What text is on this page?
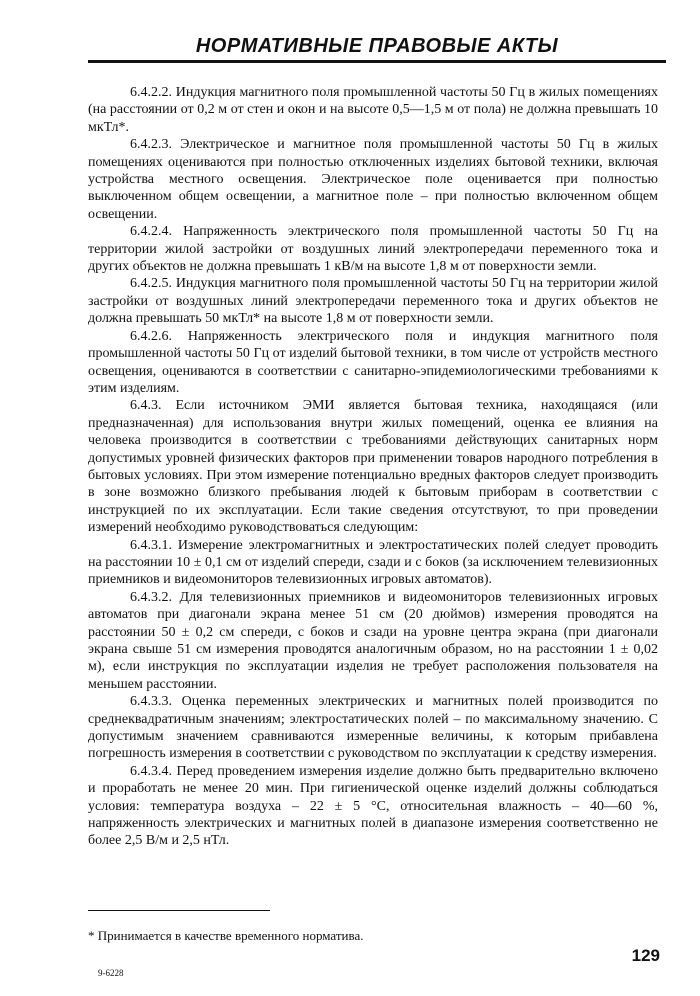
НОРМАТИВНЫЕ ПРАВОВЫЕ АКТЫ

6.4.2.2. Индукция магнитного поля промышленной частоты 50 Гц в жилых помещениях (на расстоянии от 0,2 м от стен и окон и на высоте 0,5—1,5 м от пола) не должна превышать 10 мкТл*.

6.4.2.3. Электрическое и магнитное поля промышленной частоты 50 Гц в жилых помещениях оцениваются при полностью отключенных изделиях бытовой техники, включая устройства местного освещения. Электрическое поле оценивается при полностью выключенном общем освещении, а магнитное поле – при полностью включенном общем освещении.

6.4.2.4. Напряженность электрического поля промышленной частоты 50 Гц на территории жилой застройки от воздушных линий электропередачи переменного тока и других объектов не должна превышать 1 кВ/м на высоте 1,8 м от поверхности земли.

6.4.2.5. Индукция магнитного поля промышленной частоты 50 Гц на территории жилой застройки от воздушных линий электропередачи переменного тока и других объектов не должна превышать 50 мкТл* на высоте 1,8 м от поверхности земли.

6.4.2.6. Напряженность электрического поля и индукция магнитного поля промышленной частоты 50 Гц от изделий бытовой техники, в том числе от устройств местного освещения, оцениваются в соответствии с санитарно-эпидемиологическими требованиями к этим изделиям.

6.4.3. Если источником ЭМИ является бытовая техника, находящаяся (или предназначенная) для использования внутри жилых помещений, оценка ее влияния на человека производится в соответствии с требованиями действующих санитарных норм допустимых уровней физических факторов при применении товаров народного потребления в бытовых условиях. При этом измерение потенциально вредных факторов следует производить в зоне возможно близкого пребывания людей к бытовым приборам в соответствии с инструкцией по их эксплуатации. Если такие сведения отсутствуют, то при проведении измерений необходимо руководствоваться следующим:

6.4.3.1. Измерение электромагнитных и электростатических полей следует проводить на расстоянии 10 ± 0,1 см от изделий спереди, сзади и с боков (за исключением телевизионных приемников и видеомониторов телевизионных игровых автоматов).

6.4.3.2. Для телевизионных приемников и видеомониторов телевизионных игровых автоматов при диагонали экрана менее 51 см (20 дюймов) измерения проводятся на расстоянии 50 ± 0,2 см спереди, с боков и сзади на уровне центра экрана (при диагонали экрана свыше 51 см измерения проводятся аналогичным образом, но на расстоянии 1 ± 0,02 м), если инструкция по эксплуатации изделия не требует расположения пользователя на меньшем расстоянии.

6.4.3.3. Оценка переменных электрических и магнитных полей производится по среднеквадратичным значениям; электростатических полей – по максимальному значению. С допустимым значением сравниваются измеренные величины, к которым прибавлена погрешность измерения в соответствии с руководством по эксплуатации к средству измерения.

6.4.3.4. Перед проведением измерения изделие должно быть предварительно включено и проработать не менее 20 мин. При гигиенической оценке изделий должны соблюдаться условия: температура воздуха – 22 ± 5 °C, относительная влажность – 40—60 %, напряженность электрических и магнитных полей в диапазоне измерения соответственно не более 2,5 В/м и 2,5 нТл.

* Принимается в качестве временного норматива.
129
9-6228
